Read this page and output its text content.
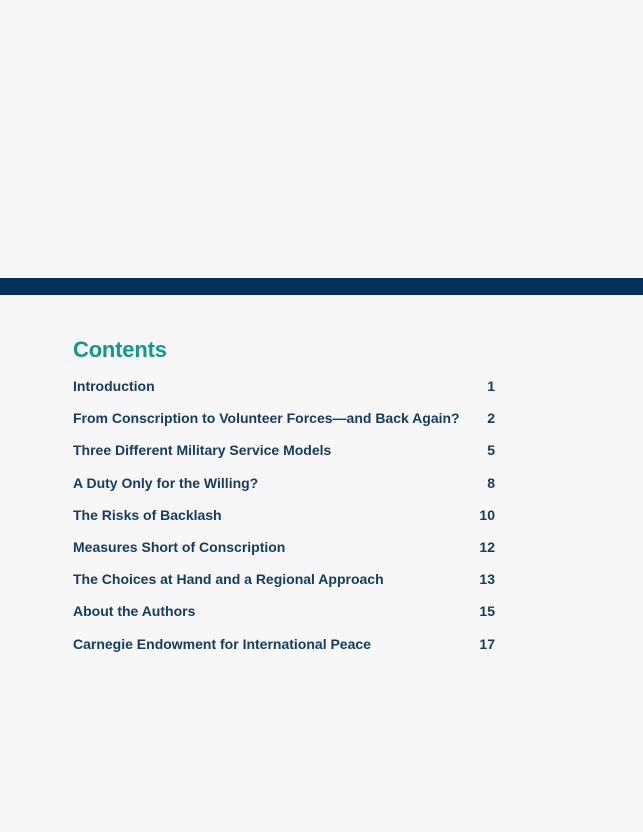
Contents
Introduction	1
From Conscription to Volunteer Forces—and Back Again?	2
Three Different Military Service Models	5
A Duty Only for the Willing?	8
The Risks of Backlash	10
Measures Short of Conscription	12
The Choices at Hand and a Regional Approach	13
About the Authors	15
Carnegie Endowment for International Peace	17
